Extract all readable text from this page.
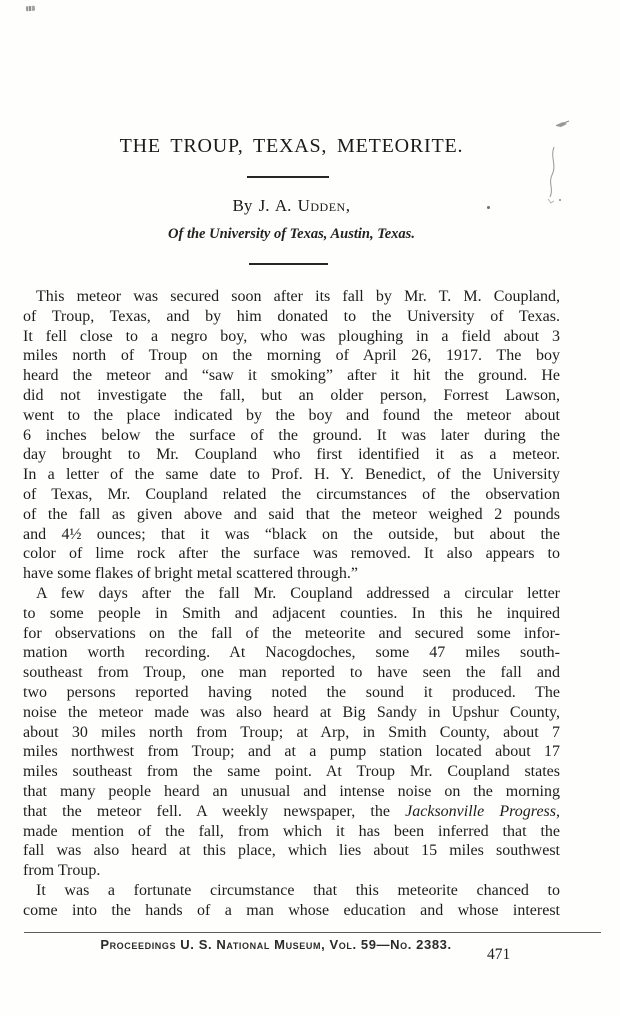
THE TROUP, TEXAS, METEORITE.
By J. A. Udden,
Of the University of Texas, Austin, Texas.
This meteor was secured soon after its fall by Mr. T. M. Coupland,
of Troup, Texas, and by him donated to the University of Texas.
It fell close to a negro boy, who was ploughing in a field about 3
miles north of Troup on the morning of April 26, 1917. The boy
heard the meteor and “saw it smoking” after it hit the ground. He
did not investigate the fall, but an older person, Forrest Lawson,
went to the place indicated by the boy and found the meteor about
6 inches below the surface of the ground. It was later during the
day brought to Mr. Coupland who first identified it as a meteor.
In a letter of the same date to Prof. H. Y. Benedict, of the University
of Texas, Mr. Coupland related the circumstances of the observation
of the fall as given above and said that the meteor weighed 2 pounds
and 4½ ounces; that it was “black on the outside, but about the
color of lime rock after the surface was removed. It also appears to
have some flakes of bright metal scattered through.”
A few days after the fall Mr. Coupland addressed a circular letter
to some people in Smith and adjacent counties. In this he inquired
for observations on the fall of the meteorite and secured some infor-
mation worth recording. At Nacogdoches, some 47 miles south-
southeast from Troup, one man reported to have seen the fall and
two persons reported having noted the sound it produced. The
noise the meteor made was also heard at Big Sandy in Upshur County,
about 30 miles north from Troup; at Arp, in Smith County, about 7
miles northwest from Troup; and at a pump station located about 17
miles southeast from the same point. At Troup Mr. Coupland states
that many people heard an unusual and intense noise on the morning
that the meteor fell. A weekly newspaper, the Jacksonville Progress,
made mention of the fall, from which it has been inferred that the
fall was also heard at this place, which lies about 15 miles southwest
from Troup.
It was a fortunate circumstance that this meteorite chanced to
come into the hands of a man whose education and whose interest
Proceedings U. S. National Museum, Vol. 59—No. 2383.
471
